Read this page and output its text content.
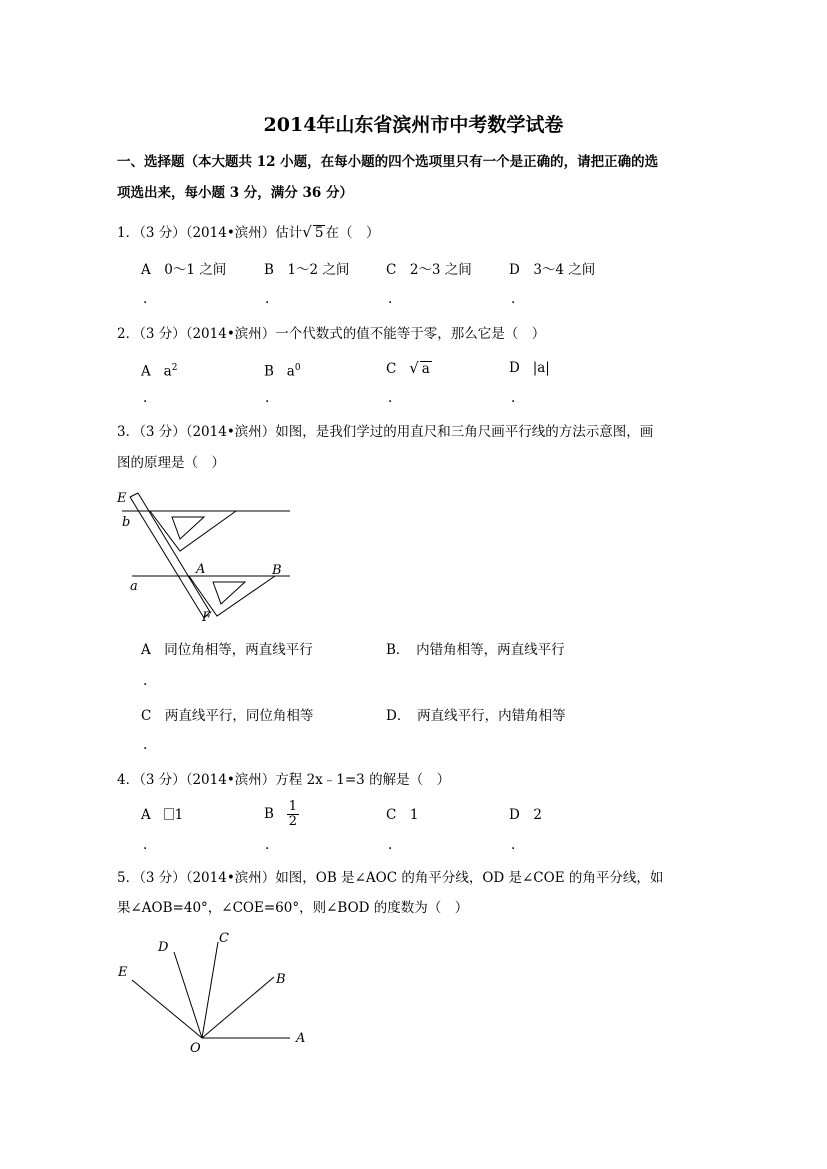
2014年山东省滨州市中考数学试卷
一、选择题（本大题共 12 小题，在每小题的四个选项里只有一个是正确的，请把正确的选
项选出来，每小题 3 分，满分 36 分）
1．（3 分）（2014•滨州）估计√ 5 在（　）
A　0～1 之间	B　1～2 之间	C　2～3 之间	D　3～4 之间
.	.	.	.
2．（3 分）（2014•滨州）一个代数式的值不能等于零，那么它是（　）
A $a^2$	B $a^0$	C √ a	D |a|
.	.	.	.
3．（3 分）（2014•滨州）如图，是我们学过的用直尺和三角尺画平行线的方法示意图，画
图的原理是（　）
E
b
A	B
a
F
A　同位角相等，两直线平行	B．　内错角相等，两直线平行
.
C　两直线平行，同位角相等	D．　两直线平行，内错角相等
.
4．（3 分）（2014•滨州）方程 2x﹣1=3 的解是（　）
A 1	B $\frac{1}{2}$	C　1	D　2
.	.	.	.
5．（3 分）（2014•滨州）如图，OB 是∠AOC 的角平分线，OD 是∠COE 的角平分线，如
果∠AOB=40°，∠COE=60°，则∠BOD 的度数为（　）
D
C
E	B
O
A
